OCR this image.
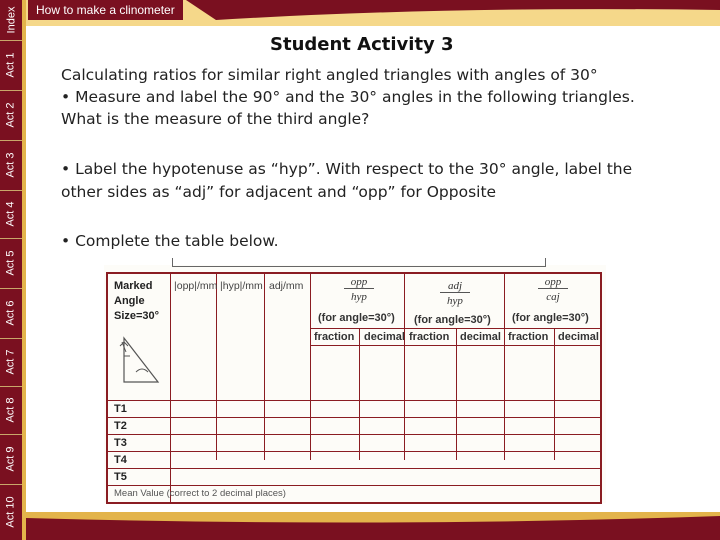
Index
Act 1
Act 2
Act 3
Act 4
Act 5
Act 6
Act 7
Act 8
Act 9
Act 10
How to make a clinometer
Student Activity 3
Calculating ratios for similar right angled triangles with angles of 30°
• Measure and label the 90° and the 30° angles in the following triangles.
What is the measure of the third angle?
• Label the hypotenuse as “hyp”. With respect to the 30° angle, label the
other sides as “adj” for adjacent and “opp” for Opposite
• Complete the table below.
Marked
Angle
Size=30°
|opp|/mm |hyp|/mm adj/mm	opp
hyp
(for angle=30°)
adj
hyp
(for angle=30°)
opp
caj
(for angle=30°)
fraction decimal fraction decimal fraction decimal
T1
T2
T3
T4
T5
Mean Value (correct to 2 decimal places)
